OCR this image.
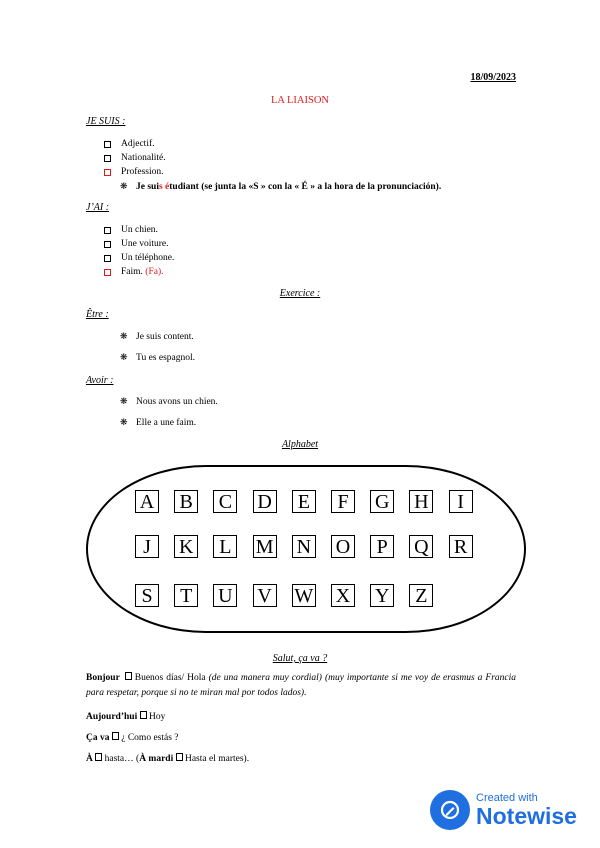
18/09/2023
LA LIAISON
JE SUIS :
Adjectif.
Nationalité.
Profession.
❋ Je suis étudiant (se junta la «S » con la « É » a la hora de la pronunciación).
J’AI :
Un chien.
Une voiture.
Un téléphone.
Faim.
(Fa).
Exercice :
Être :
❋ Je suis content.
❋ Tu es espagnol.
Avoir :
❋ Nous avons un chien.
❋ Elle a une faim.
Alphabet
A B C D E	F	G H	I
J	K L M N O	P	Q R
S	T U V W X Y Z
Salut, ça va ?
Bonjour  Buenos días/ Hola (de una manera muy cordial) (muy importante si me voy de erasmus a Francia para respetar, porque si no te miran mal por todos lados).
Aujourd’hui  Hoy
Ça va  ¿ Como estás ?
À  hasta… (À mardi  Hasta el martes).
Created with
Notewise
